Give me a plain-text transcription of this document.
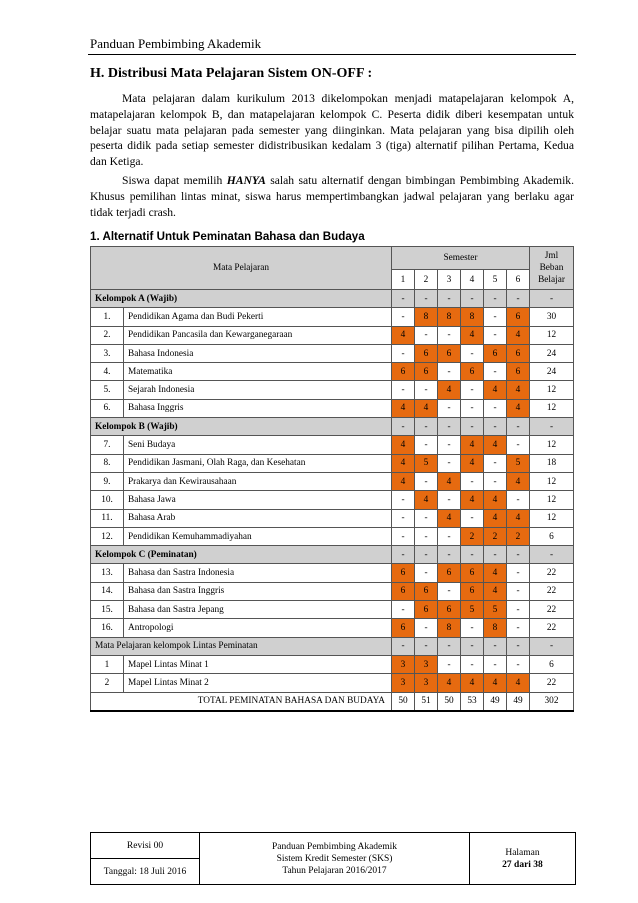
Panduan Pembimbing Akademik
H. Distribusi Mata Pelajaran Sistem ON-OFF :
Mata pelajaran dalam kurikulum 2013 dikelompokan menjadi matapelajaran kelompok A, matapelajaran kelompok B, dan matapelajaran kelompok C. Peserta didik diberi kesempatan untuk belajar suatu mata pelajaran pada semester yang diinginkan. Mata pelajaran yang bisa dipilih oleh peserta didik pada setiap semester didistribusikan kedalam 3 (tiga) alternatif pilihan Pertama, Kedua dan Ketiga.
Siswa dapat memilih HANYA salah satu alternatif dengan bimbingan Pembimbing Akademik. Khusus pemilihan lintas minat, siswa harus mempertimbangkan jadwal pelajaran yang berlaku agar tidak terjadi crash.
1. Alternatif Untuk Peminatan Bahasa dan Budaya
Mata Pelajaran		Semester						Jml Beban Belajar
		1	2	3	4	5	6	
Kelompok A (Wajib)		-	-	-	-	-	-	-
1.	Pendidikan Agama dan Budi Pekerti	-	8	8	8	-	6	30
2.	Pendidikan Pancasila dan Kewarganegaraan	4	-	-	4	-	4	12
3.	Bahasa Indonesia	-	6	6	-	6	6	24
4.	Matematika	6	6	-	6	-	6	24
5.	Sejarah Indonesia	-	-	4	-	4	4	12
6.	Bahasa Inggris	4	4	-	-	-	4	12
Kelompok B (Wajib)		-	-	-	-	-	-	-
7.	Seni Budaya	4	-	-	4	4	-	12
8.	Pendidikan Jasmani, Olah Raga, dan Kesehatan	4	5	-	4	-	5	18
9.	Prakarya dan Kewirausahaan	4	-	4	-	-	4	12
10.	Bahasa Jawa	-	4	-	4	4	-	12
11.	Bahasa Arab	-	-	4	-	4	4	12
12.	Pendidikan Kemuhammadiyahan	-	-	-	2	2	2	6
Kelompok C (Peminatan)		-	-	-	-	-	-	-
13.	Bahasa dan Sastra Indonesia	6	-	6	6	4	-	22
14.	Bahasa dan Sastra Inggris	6	6	-	6	4	-	22
15.	Bahasa dan Sastra Jepang	-	6	6	5	5	-	22
16.	Antropologi	6	-	8	-	8	-	22
Mata Pelajaran kelompok Lintas Peminatan		-	-	-	-	-	-	-
1	Mapel Lintas Minat 1	3	3	-	-	-	-	6
2	Mapel Lintas Minat 2	3	3	4	4	4	4	22
TOTAL PEMINATAN BAHASA DAN BUDAYA		50	51	50	53	49	49	302
Revisi 00	Panduan Pembimbing Akademik
Sistem Kredit Semester (SKS)
Tahun Pelajaran 2016/2017

Halaman
27 dari 38

Tanggal: 18 Juli 2016
